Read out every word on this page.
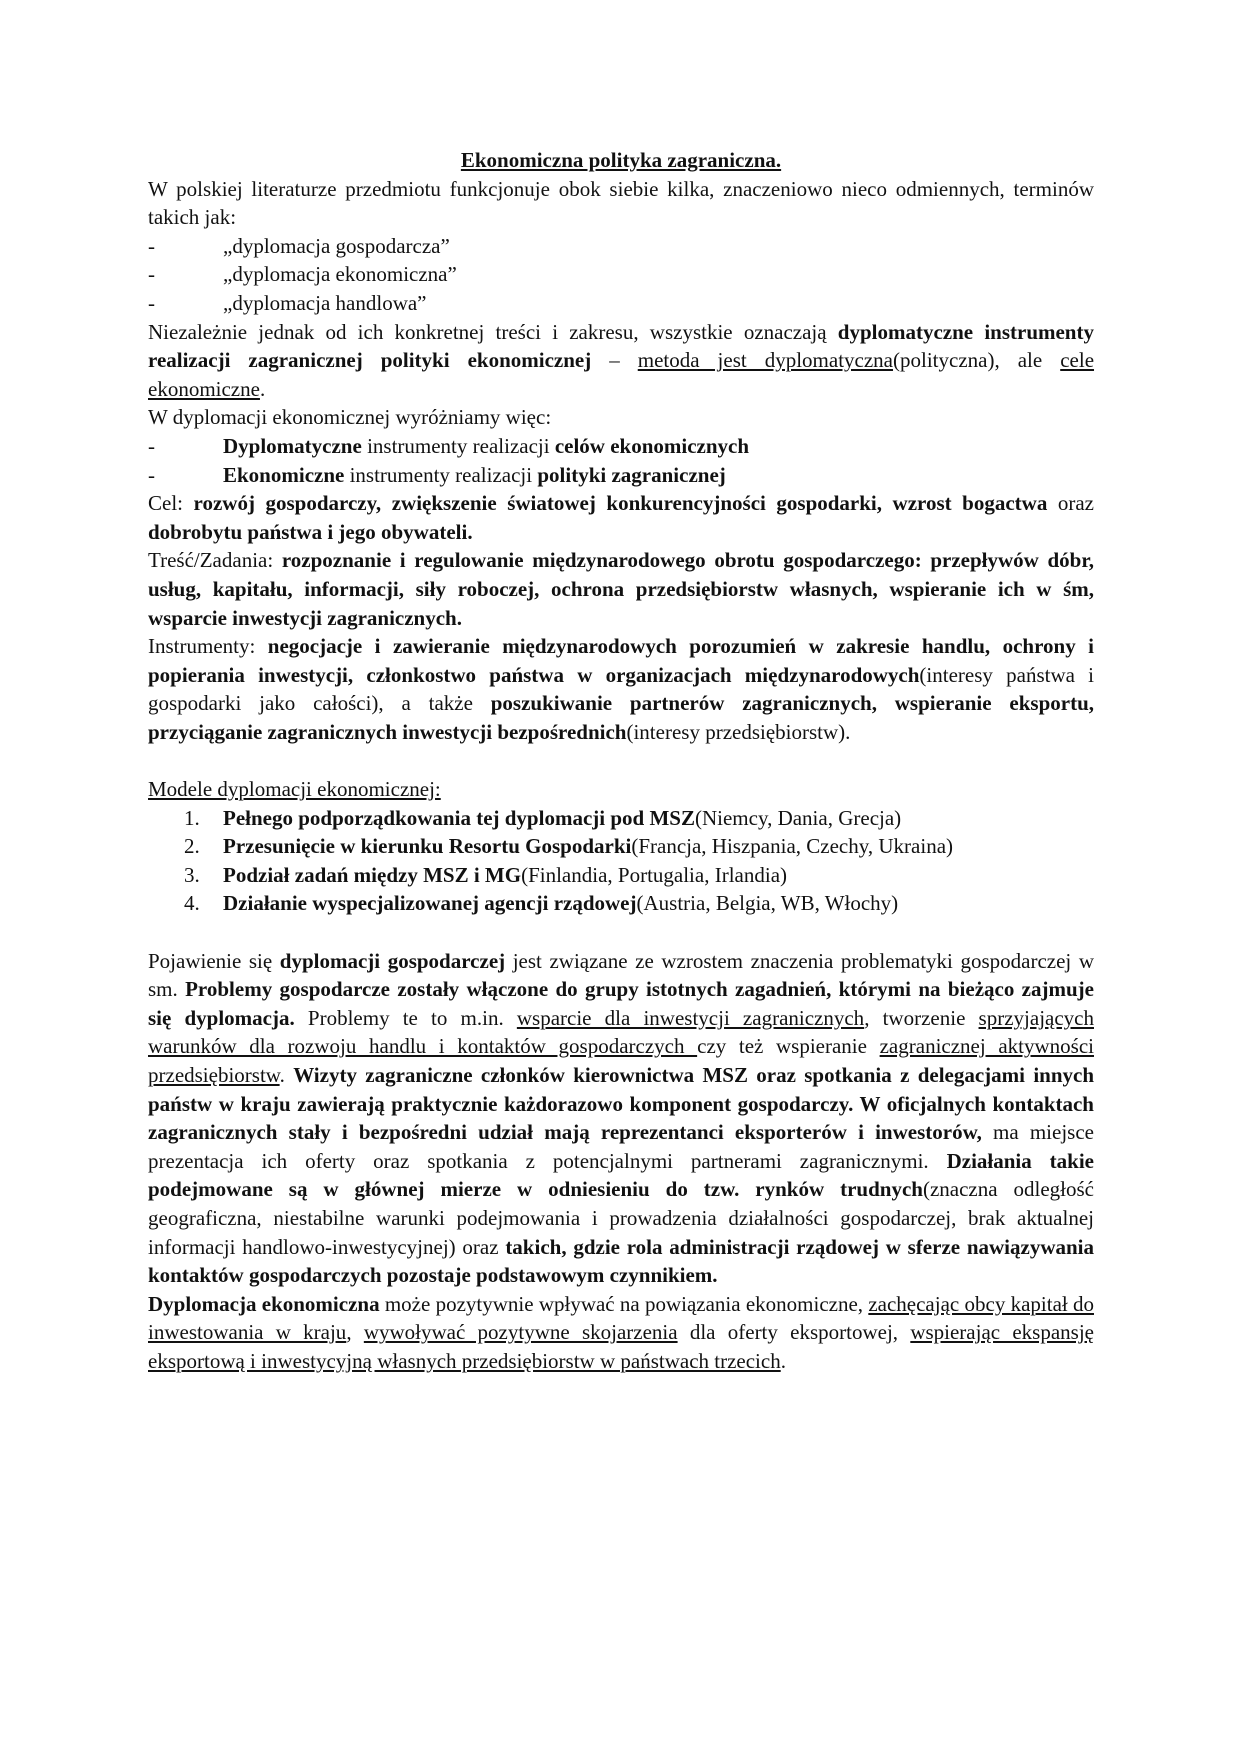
Ekonomiczna polityka zagraniczna.
W polskiej literaturze przedmiotu funkcjonuje obok siebie kilka, znaczeniowo nieco odmiennych, terminów takich jak:
-	„dyplomacja gospodarcza”
-	„dyplomacja ekonomiczna”
-	„dyplomacja handlowa”
Niezależnie jednak od ich konkretnej treści i zakresu, wszystkie oznaczają dyplomatyczne instrumenty realizacji zagranicznej polityki ekonomicznej – metoda jest dyplomatyczna(polityczna), ale cele ekonomiczne.
W dyplomacji ekonomicznej wyróżniamy więc:
-	Dyplomatyczne instrumenty realizacji celów ekonomicznych
-	Ekonomiczne instrumenty realizacji polityki zagranicznej
Cel: rozwój gospodarczy, zwiększenie światowej konkurencyjności gospodarki, wzrost bogactwa oraz dobrobytu państwa i jego obywateli.
Treść/Zadania: rozpoznanie i regulowanie międzynarodowego obrotu gospodarczego: przepływów dóbr, usług, kapitału, informacji, siły roboczej, ochrona przedsiębiorstw własnych, wspieranie ich w śm, wsparcie inwestycji zagranicznych.
Instrumenty: negocjacje i zawieranie międzynarodowych porozumień w zakresie handlu, ochrony i popierania inwestycji, członkostwo państwa w organizacjach międzynarodowych(interesy państwa i gospodarki jako całości), a także poszukiwanie partnerów zagranicznych, wspieranie eksportu, przyciąganie zagranicznych inwestycji bezpośrednich(interesy przedsiębiorstw).
Modele dyplomacji ekonomicznej:
1. Pełnego podporządkowania tej dyplomacji pod MSZ(Niemcy, Dania, Grecja)
2. Przesunięcie w kierunku Resortu Gospodarki(Francja, Hiszpania, Czechy, Ukraina)
3. Podział zadań między MSZ i MG(Finlandia, Portugalia, Irlandia)
4. Działanie wyspecjalizowanej agencji rządowej(Austria, Belgia, WB, Włochy)
Pojawienie się dyplomacji gospodarczej jest związane ze wzrostem znaczenia problematyki gospodarczej w sm. Problemy gospodarcze zostały włączone do grupy istotnych zagadnień, którymi na bieżąco zajmuje się dyplomacja. Problemy te to m.in. wsparcie dla inwestycji zagranicznych, tworzenie sprzyjających warunków dla rozwoju handlu i kontaktów gospodarczych czy też wspieranie zagranicznej aktywności przedsiębiorstw. Wizyty zagraniczne członków kierownictwa MSZ oraz spotkania z delegacjami innych państw w kraju zawierają praktycznie każdorazowo komponent gospodarczy. W oficjalnych kontaktach zagranicznych stały i bezpośredni udział mają reprezentanci eksporterów i inwestorów, ma miejsce prezentacja ich oferty oraz spotkania z potencjalnymi partnerami zagranicznymi. Działania takie podejmowane są w głównej mierze w odniesieniu do tzw. rynków trudnych(znaczna odległość geograficzna, niestabilne warunki podejmowania i prowadzenia działalności gospodarczej, brak aktualnej informacji handlowo-inwestycyjnej) oraz takich, gdzie rola administracji rządowej w sferze nawiązywania kontaktów gospodarczych pozostaje podstawowym czynnikiem.
Dyplomacja ekonomiczna może pozytywnie wpływać na powiązania ekonomiczne, zachęcając obcy kapitał do inwestowania w kraju, wywoływać pozytywne skojarzenia dla oferty eksportowej, wspierając ekspansję eksportową i inwestycyjną własnych przedsiębiorstw w państwach trzecich.
